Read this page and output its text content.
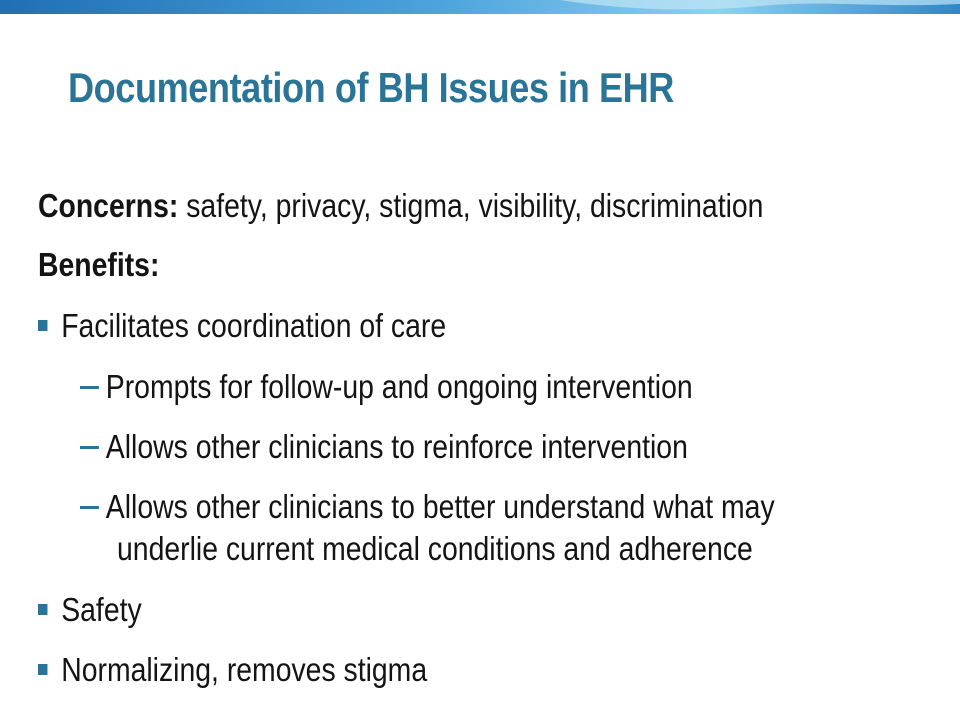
Documentation of BH Issues in EHR
Concerns: safety, privacy, stigma, visibility, discrimination
Benefits:
Facilitates coordination of care
Prompts for follow-up and ongoing intervention
Allows other clinicians to reinforce intervention
Allows other clinicians to better understand what may
underlie current medical conditions and adherence
Safety
Normalizing, removes stigma
